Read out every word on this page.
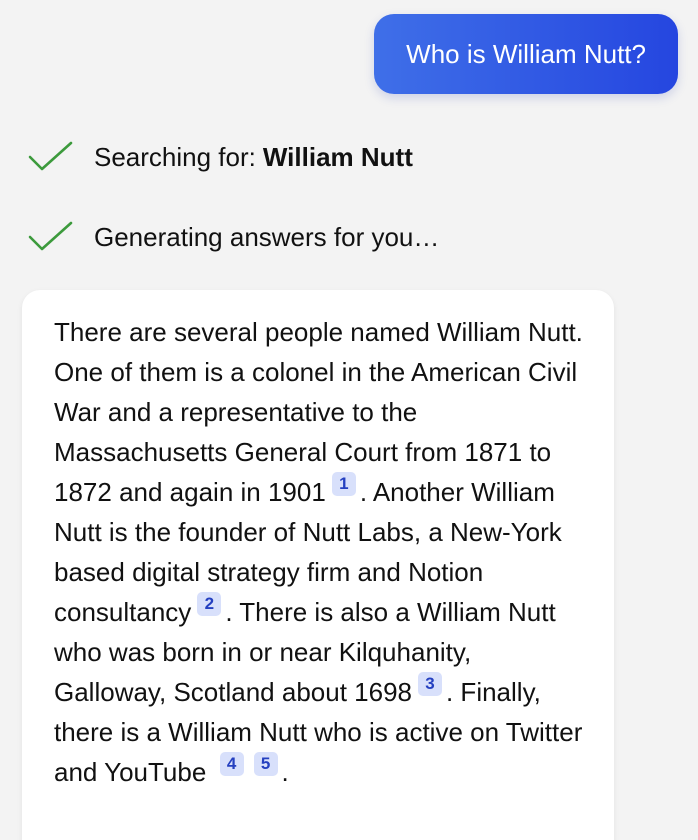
Who is William Nutt?
Searching for: William Nutt
Generating answers for you…

There are several people named William Nutt. One of them is a colonel in the American Civil War and a representative to the Massachusetts General Court from 1871 to 1872 and again in 1901 1 . Another William Nutt is the founder of Nutt Labs, a New-York based digital strategy firm and Notion consultancy 2 . There is also a William Nutt who was born in or near Kilquhanity, Galloway, Scotland about 1698 3 . Finally, there is a William Nutt who is active on Twitter and YouTube 4 5 .
